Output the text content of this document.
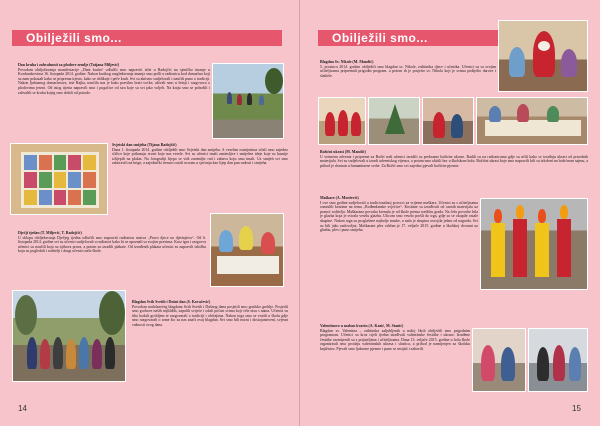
Obilježili smo...
Dan kruha i zahvalnosti za plodove zemlje (Tatjana Miljević)
Povodom obilježavanja manifestacije „Dani kruha“ odlučili smo napraviti izlet u Radojčić na sjeničko imanje u Kordunskovima 16. listopada 2014. godine. Nakon kratkog razgledavanja imanja smo pošli u radionicu kod domaćina koji su nam pokazali kako se priprema tijesto, kako se oblikuje i peče kruh. Svi su aktivno sudjelovali i naučili puno o tradiciji. Nakon ljubaznog domaćinstva, tete Rajka, naučila nas je kako pravilno brati voćke, uživali smo u šetnji i razgovoru o plodovima jeseni. Od istog tijesta napravili smo i pogačice od sira koje su svi jako voljeli. Na kraju smo se pobožili i zahvalili se kruhu kojeg smo dobili od prirode.
Svjetski dan smijeha (Tijana Radojčić)
Dana 1. listopada 2014. godine obilježili smo Svjetski dan smijeha. S veselim osmijesima trčali smo zajedno sličice koje prikazuju stvari koje nas vesele. Svi su učenici imali zanimljive i smiješne ideje koje su kasnije izlijepili na plakat. Na fotografiji lijepo se vidi zanimljiv rad i zabava koju smo imali. Uz smijeh svi smo zaboravili na brige, a zajednički trenuci ostali su nam u sjećanju kao lijep dan pun radosti i smijeha.
Dječji tjedan (T. Miljević, T. Radojčić)
U sklopu obilježavanja Dječjeg tjedna odlučili smo napraviti radionicu naziva „Pravo djece na djetinjstvo“. Od 6. listopada 2014. godine svi su učenici sudjelovali u radionici kako bi se upoznali sa svojim pravima. Kroz igru i razgovor učenici su naučili koja su njihova prava, a potom su izradili plakate. Od izrađenih plakata učenici su napravili izložbu koju su pogledali i roditelji i drugi učenici naše škole.
Blagdan Svih Svetih i Dušni dan (S. Kovačević)
Povodom nadolazećeg blagdana Svih Svetih i Dušnog dana posjetili smo gradsko groblje. Posjetili smo grobove naših najbližih, zapalili svijeće i odali počast svima koji više nisu s nama. Učenici su tiho hodali grobljem te razgovarali o tradiciji i običajima. Nakon toga smo se vratili u školu gdje smo razgovarali o tome što za nas znači ovaj blagdan. Svi smo bili mirni i dostojanstveni, svjesni važnosti ovog dana.
14
Obilježili smo...
Blagdan Sv. Nikole (M. Mandić)
5. prosinca 2014. godine obilježili smo blagdan sv. Nikole, zaštitnika djece i učenika. Učenici su sa svojim učiteljicama pripremali prigodni program, a potom ih je posjetio sv. Nikola koji je svima podijelio darove i slatkiše.
Božićni ukrasi (M. Mandić)
U vremenu adventa i pripreme za Božić naši učenici izradili su prekrasne božićne ukrase. Radili su na radionicama gdje su učili kako se izrađuju ukrasi od prirodnih materijala. Svi su sudjelovali u izradi adventskog vijenca, a potom smo okitili bor u školskom holu. Božićni ukrasi koje smo napravili bili su izloženi na božićnom sajmu, a prihod je doniran u humanitarne svrhe. Za Božić smo svi zajedno pjevali božićne pjesme.
Maškare (A. Muržević)
I ove smo godine sudjelovali u tradicionalnoj povorci za vrijeme maškara. Učenici su s učiteljicama osmislili kostime na temu „Rođendanske svjećice“. Kostime su izrađivali od raznih materijala uz pomoć roditelja. Maškarana povorka krenula je od škole prema središtu grada. Na čelu povorke bila je glazba koja je svirala veselu glazbu. Ulicom smo veselo prošli do trga, gdje su se okupile ostale skupine. Nakon toga su proglašene najbolje maske, a naša je skupina osvojila jednu od nagrada. Svi su bili jako zadovoljni. Maškarani ples održan je 17. veljače 2015. godine u školskoj dvorani uz glazbu, ples i puno smijeha.
Valentinovo u malom kvartu (A. Kazić, M. Stanić)
Blagdan sv. Valentina – zaštitnika zaljubljenih u našoj školi obilježili smo prigodnim programom. Učenici su kroz cijeli tjedan izrađivali valentinske čestitke i ukrase. Izrađene čestitke razmijenili su s prijateljima i učiteljicama. Dana 13. veljače 2015. godine u holu škole organizirali smo prodaju valentinskih ukrasa i slastica, a prihod je namijenjen za školsku knjižnicu. Pjevali smo ljubavne pjesme i puno se smijali i zabavili.
15
